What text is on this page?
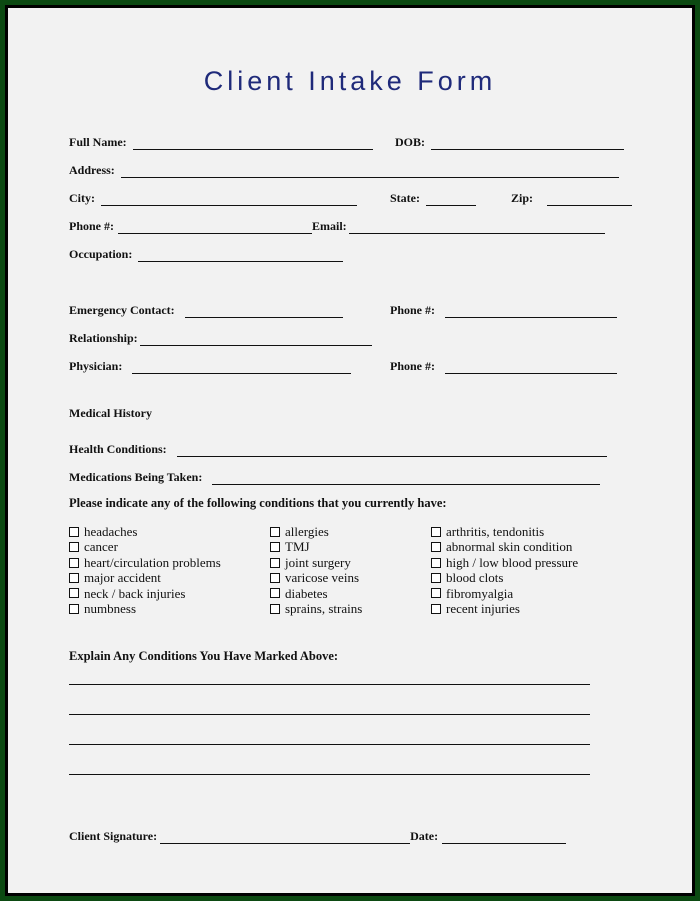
Client Intake Form
Full Name:	DOB:
Address:
City:	State:	Zip:
Phone #:	Email:
Occupation:
Emergency Contact:	Phone #:
Relationship:
Physician:	Phone #:
Medical History
Health Conditions:
Medications Being Taken:
Please indicate any of the following conditions that you currently have:
headaches
cancer
heart/circulation problems
major accident
neck / back injuries
numbness
allergies
TMJ
joint surgery
varicose veins
diabetes
sprains, strains
arthritis, tendonitis
abnormal skin condition
high / low blood pressure
blood clots
fibromyalgia
recent injuries
Explain Any Conditions You Have Marked Above:
Client Signature:	Date:
